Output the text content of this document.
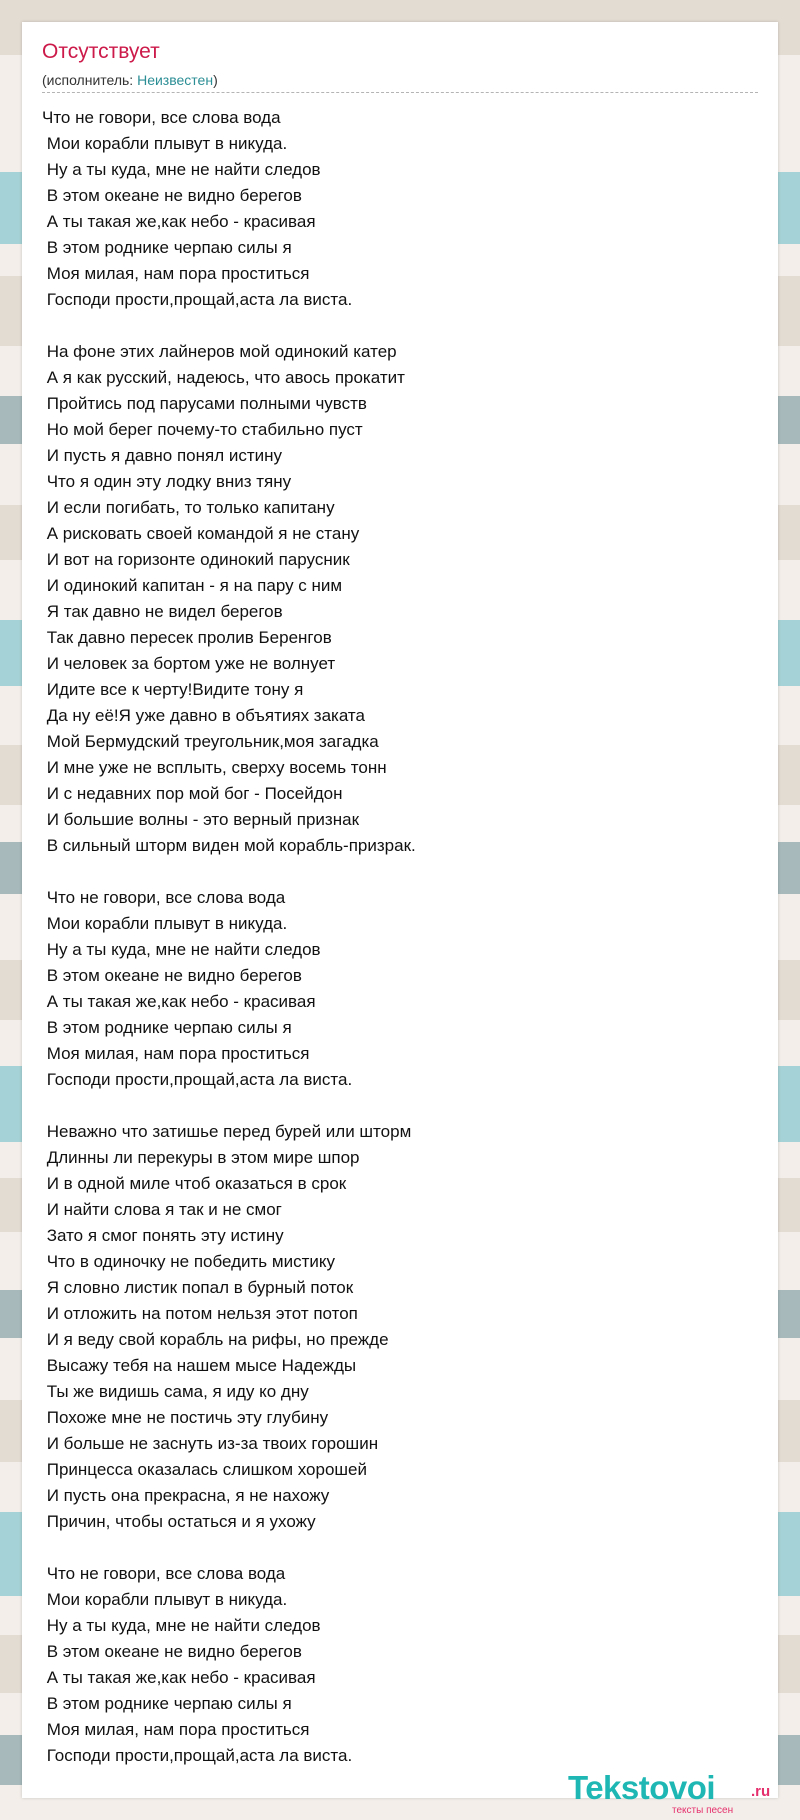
Отсутствует
(исполнитель: Неизвестен)
Что не говори, все слова вода
Мои корабли плывут в никуда.
Ну а ты куда, мне не найти следов
В этом океане не видно берегов
А ты такая же,как небо - красивая
В этом роднике черпаю силы я
Моя милая, нам пора проститься
Господи прости,прощай,аста ла виста.
На фоне этих лайнеров мой одинокий катер
А я как русский, надеюсь, что авось прокатит
Пройтись под парусами полными чувств
Но мой берег почему-то стабильно пуст
И пусть я давно понял истину
Что я один эту лодку вниз тяну
И если погибать, то только капитану
А рисковать своей командой я не стану
И вот на горизонте одинокий парусник
И одинокий капитан - я на пару с ним
Я так давно не видел берегов
Так давно пересек пролив Беренгов
И человек за бортом уже не волнует
Идите все к черту!Видите тону я
Да ну её!Я уже давно в объятиях заката
Мой Бермудский треугольник,моя загадка
И мне уже не всплыть, сверху восемь тонн
И с недавних пор мой бог - Посейдон
И большие волны - это верный признак
В сильный шторм виден мой корабль-призрак.
Что не говори, все слова вода
Мои корабли плывут в никуда.
Ну а ты куда, мне не найти следов
В этом океане не видно берегов
А ты такая же,как небо - красивая
В этом роднике черпаю силы я
Моя милая, нам пора проститься
Господи прости,прощай,аста ла виста.
Неважно что затишье перед бурей или шторм
Длинны ли перекуры в этом мире шпор
И в одной миле чтоб оказаться в срок
И найти слова я так и не смог
Зато я смог понять эту истину
Что в одиночку не победить мистику
Я словно листик попал в бурный поток
И отложить на потом нельзя этот потоп
И я веду свой корабль на рифы, но прежде
Высажу тебя на нашем мысе Надежды
Ты же видишь сама, я иду ко дну
Похоже мне не постичь эту глубину
И больше не заснуть из-за твоих горошин
Принцесса оказалась слишком хорошей
И пусть она прекрасна, я не нахожу
Причин, чтобы остаться и я ухожу
Что не говори, все слова вода
Мои корабли плывут в никуда.
Ну а ты куда, мне не найти следов
В этом океане не видно берегов
А ты такая же,как небо - красивая
В этом роднике черпаю силы я
Моя милая, нам пора проститься
Господи прости,прощай,аста ла виста.
Tekstovoi .ru
тексты песен
